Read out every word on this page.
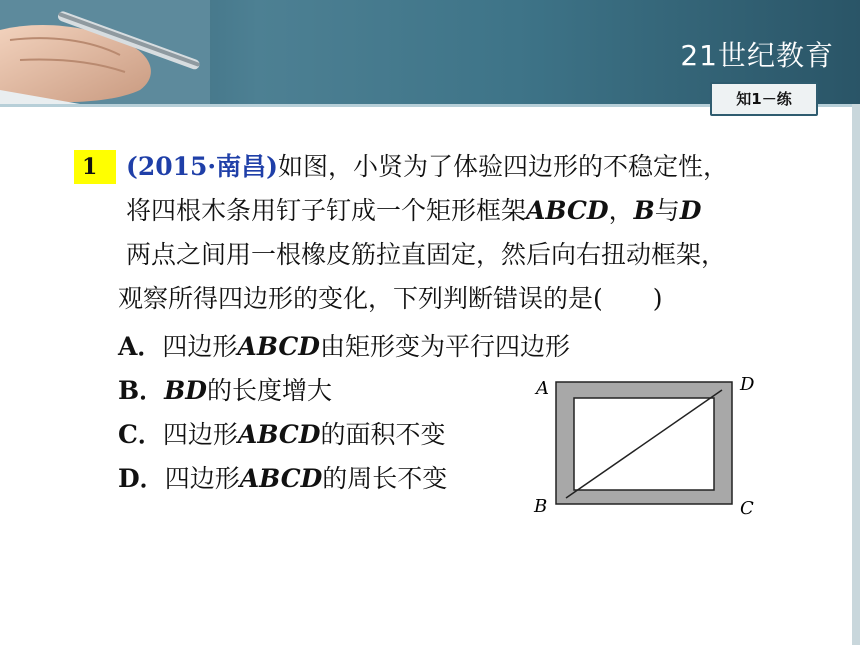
21世纪教育
知1－练
1	(2015·南昌)如图，小贤为了体验四边形的不稳定性，
将四根木条用钉子钉成一个矩形框架ABCD，B与D
两点之间用一根橡皮筋拉直固定，然后向右扭动框架，
观察所得四边形的变化，下列判断错误的是(　　)
A．四边形ABCD由矩形变为平行四边形
B．BD的长度增大
C．四边形ABCD的面积不变
D．四边形ABCD的周长不变
A	D
B	C
